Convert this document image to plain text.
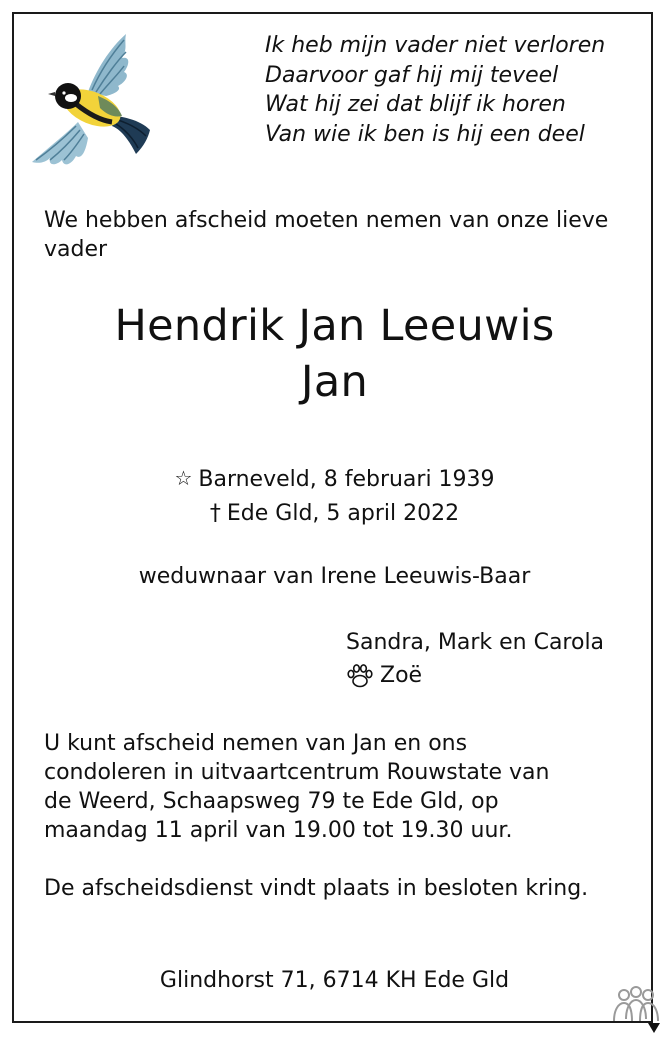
Ik heb mijn vader niet verloren
Daarvoor gaf hij mij teveel
Wat hij zei dat blijf ik horen
Van wie ik ben is hij een deel
We hebben afscheid moeten nemen van onze lieve vader
Hendrik Jan Leeuwis
Jan
☆ Barneveld, 8 februari 1939
† Ede Gld, 5 april 2022
weduwnaar van Irene Leeuwis-Baar
Sandra, Mark en Carola
Zoë
U kunt afscheid nemen van Jan en ons
condoleren in uitvaartcentrum Rouwstate van
de Weerd, Schaapsweg 79 te Ede Gld, op
maandag 11 april van 19.00 tot 19.30 uur.
De afscheidsdienst vindt plaats in besloten kring.
Glindhorst 71, 6714 KH Ede Gld
